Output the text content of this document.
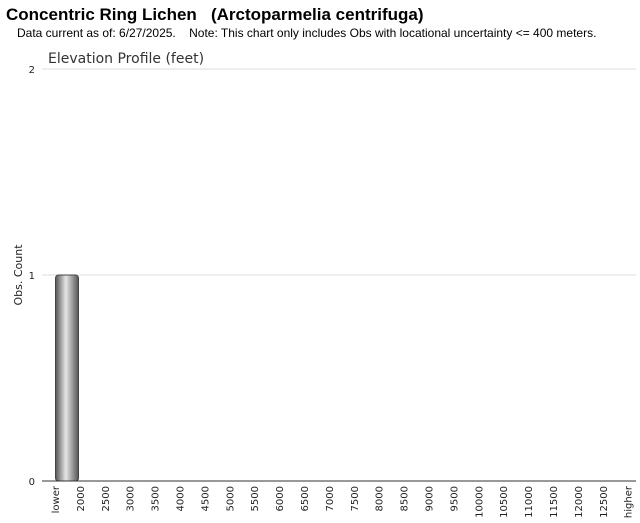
Concentric Ring Lichen   (Arctoparmelia centrifuga)
Data current as of: 6/27/2025.    Note: This chart only includes Obs with locational uncertainty <= 400 meters.
Elevation Profile (feet)
Obs. Count
0
1
2
lower 2000 2500 3000 3500 4000 4500 5000 5500 6000 6500 7000 7500 8000 8500 9000 9500 10000 10500 11000 11500 12000 12500 higher
